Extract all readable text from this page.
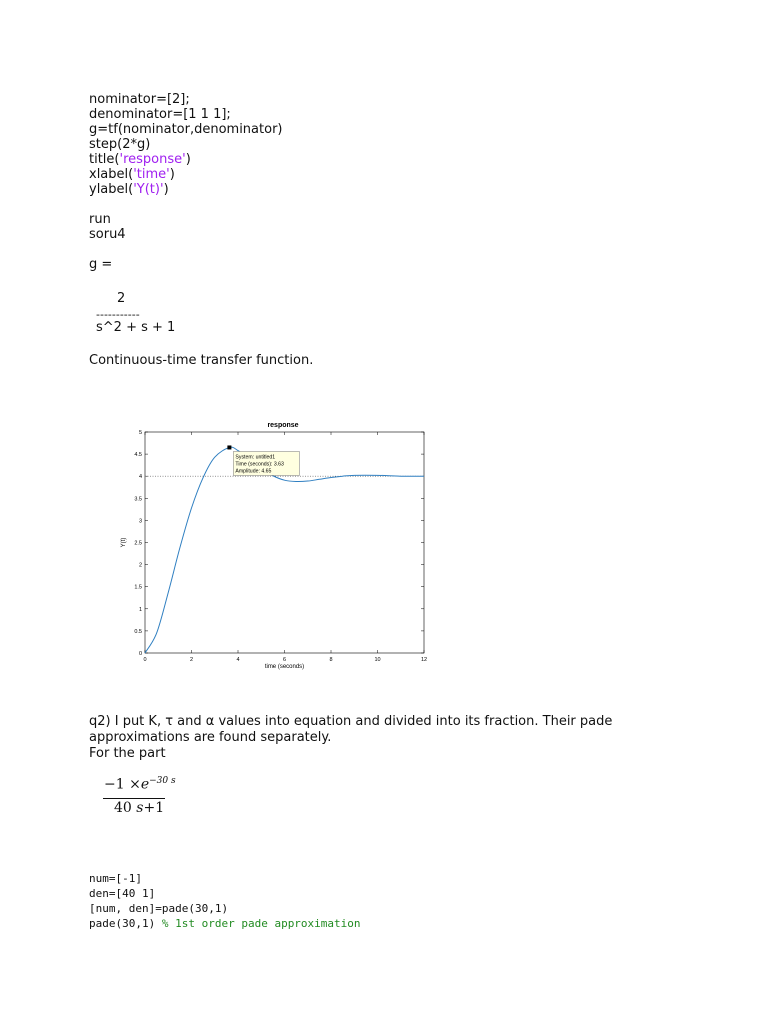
nominator=[2];
denominator=[1 1 1];
g=tf(nominator,denominator)
step(2*g)
title('response')
xlabel('time')
ylabel('Y(t)')
run
soru4
g =
2
-----------
s^2 + s + 1
Continuous-time transfer function.
response
0	2	4	6	8	10	12
0
0.5
1
1.5
2
2.5
3
3.5
4
4.5
5
System: untitled1
Time (seconds): 3.63
Amplitude: 4.65
time (seconds)
Y(t)
q2) I put K, τ and α values into equation and divided into its fraction. Their pade approximations are found separately.
For the part
$-1 \times e^{-30 s}$
40 s+1
num=[-1]
den=[40 1]
[num, den]=pade(30,1)
pade(30,1) % 1st order pade approximation
